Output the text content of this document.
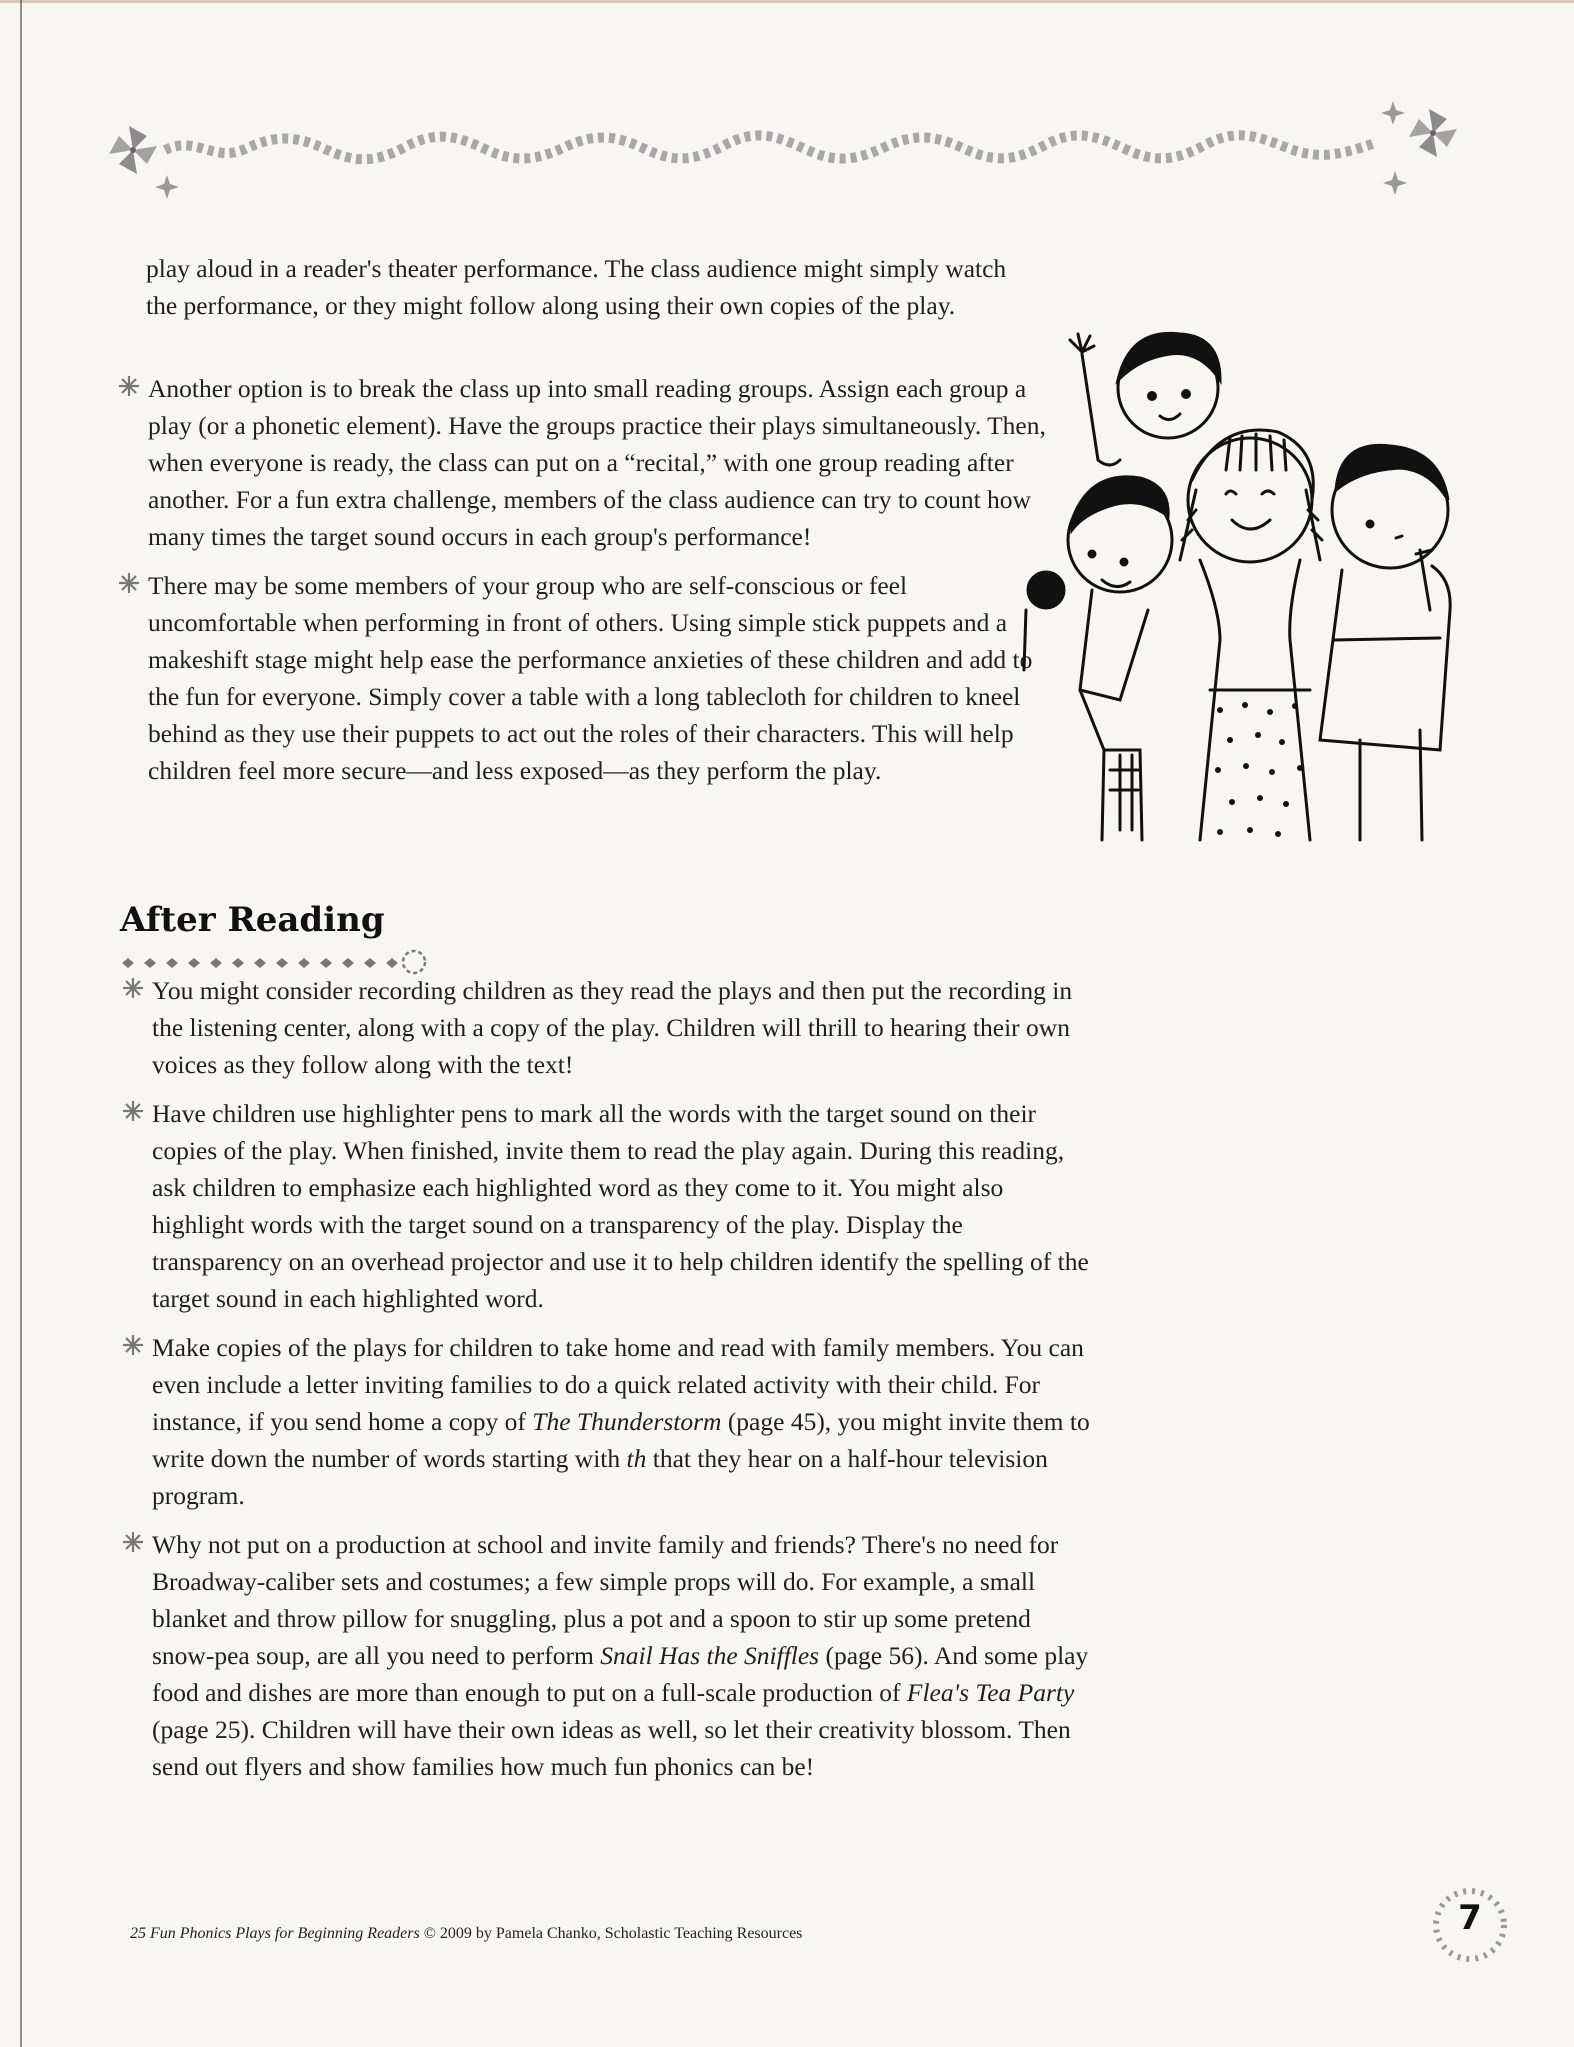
play aloud in a reader's theater performance. The class audience might simply watch the performance, or they might follow along using their own copies of the play.

Another option is to break the class up into small reading groups. Assign each group a play (or a phonetic element). Have the groups practice their plays simultaneously. Then, when everyone is ready, the class can put on a “recital,” with one group reading after another. For a fun extra challenge, members of the class audience can try to count how many times the target sound occurs in each group's performance!

There may be some members of your group who are self-conscious or feel uncomfortable when performing in front of others. Using simple stick puppets and a makeshift stage might help ease the performance anxieties of these children and add to the fun for everyone. Simply cover a table with a long tablecloth for children to kneel behind as they use their puppets to act out the roles of their characters. This will help children feel more secure—and less exposed—as they perform the play.

After Reading

You might consider recording children as they read the plays and then put the recording in the listening center, along with a copy of the play. Children will thrill to hearing their own voices as they follow along with the text!

Have children use highlighter pens to mark all the words with the target sound on their copies of the play. When finished, invite them to read the play again. During this reading, ask children to emphasize each highlighted word as they come to it. You might also highlight words with the target sound on a transparency of the play. Display the transparency on an overhead projector and use it to help children identify the spelling of the target sound in each highlighted word.

Make copies of the plays for children to take home and read with family members. You can even include a letter inviting families to do a quick related activity with their child. For instance, if you send home a copy of The Thunderstorm (page 45), you might invite them to write down the number of words starting with th that they hear on a half-hour television program.

Why not put on a production at school and invite family and friends? There's no need for Broadway-caliber sets and costumes; a few simple props will do. For example, a small blanket and throw pillow for snuggling, plus a pot and a spoon to stir up some pretend snow-pea soup, are all you need to perform Snail Has the Sniffles (page 56). And some play food and dishes are more than enough to put on a full-scale production of Flea's Tea Party (page 25). Children will have their own ideas as well, so let their creativity blossom. Then send out flyers and show families how much fun phonics can be!

25 Fun Phonics Plays for Beginning Readers © 2009 by Pamela Chanko, Scholastic Teaching Resources	7
